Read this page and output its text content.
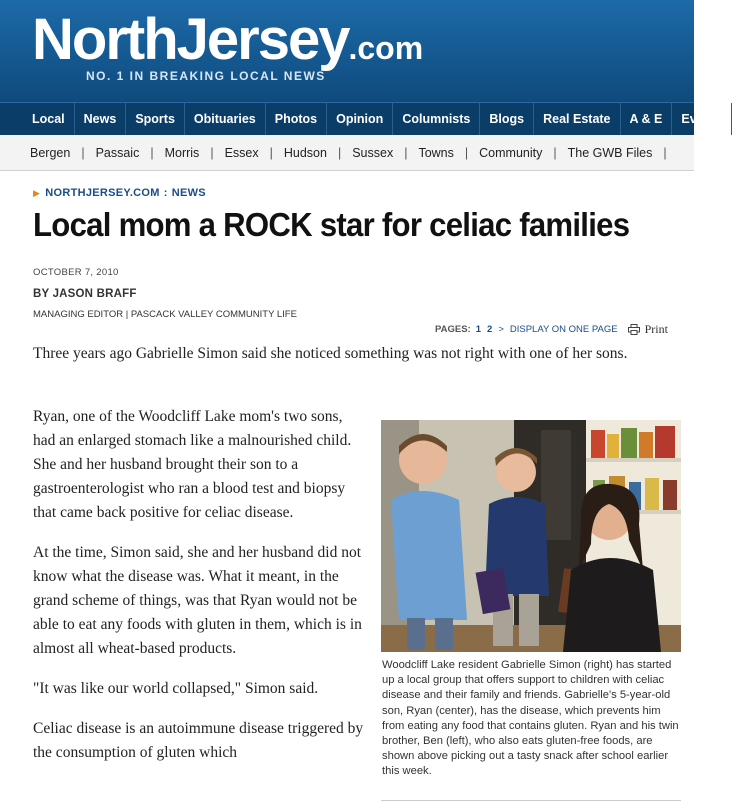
NorthJersey.com
NO. 1 IN BREAKING LOCAL NEWS
Local	News	Sports	Obituaries	Photos	Opinion	Columnists	Blogs	Real Estate	A & E	Events
Bergen | Passaic | Morris | Essex | Hudson | Sussex | Towns | Community | The GWB Files |
▶ NORTHJERSEY.COM : NEWS
Local mom a ROCK star for celiac families
OCTOBER 7, 2010
BY JASON BRAFF
MANAGING EDITOR | PASCACK VALLEY COMMUNITY LIFE
PAGES: 1 2 > DISPLAY ON ONE PAGE Print

Three years ago Gabrielle Simon said she noticed something was not right with one of her sons.

Ryan, one of the Woodcliff Lake mom's two sons, had an enlarged stomach like a malnourished child. She and her husband brought their son to a gastroenterologist who ran a blood test and biopsy that came back positive for celiac disease.

At the time, Simon said, she and her husband did not know what the disease was. What it meant, in the grand scheme of things, was that Ryan would not be able to eat any foods with gluten in them, which is in almost all wheat-based products.

"It was like our world collapsed," Simon said.

Celiac disease is an autoimmune disease triggered by the consumption of gluten which

Woodcliff Lake resident Gabrielle Simon (right) has started up a local group that offers support to children with celiac disease and their family and friends. Gabrielle's 5-year-old son, Ryan (center), has the disease, which prevents him from eating any food that contains gluten. Ryan and his twin brother, Ben (left), who also eats gluten-free foods, are shown above picking out a tasty snack after school earlier this week.
